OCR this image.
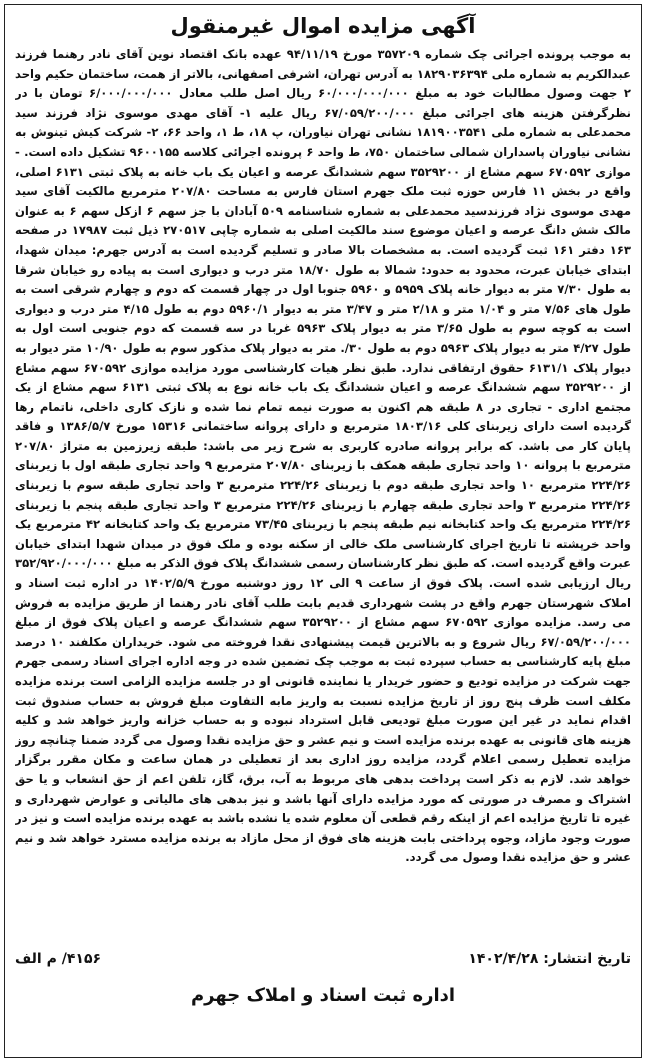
آگهی مزایده اموال غیرمنقول
به موجب پرونده اجرائی چک شماره ۳۵۷۲۰۹ مورخ ۹۴/۱۱/۱۹ عهده بانک اقتصاد نوین آقای نادر رهنما فرزند عبدالکریم به شماره ملی ۱۸۲۹۰۳۶۳۹۴ به آدرس تهران، اشرفی اصفهانی، بالاتر از همت، ساختمان حکیم واحد ۲ جهت وصول مطالبات خود به مبلغ ۶۰/۰۰۰/۰۰۰/۰۰۰ ریال اصل طلب معادل ۶/۰۰۰/۰۰۰/۰۰۰ تومان با در نظرگرفتن هزینه های اجرائی مبلغ ۶۷/۰۵۹/۲۰۰/۰۰۰ ریال علیه ۱- آقای مهدی موسوی نژاد فرزند سید محمدعلی به شماره ملی ۱۸۱۹۰۰۳۵۴۱ نشانی تهران نیاوران، پ ۱۸، ط ۱، واحد ۶۶، ۲- شرکت کیش تینوش به نشانی نیاوران پاسداران شمالی ساختمان ۷۵۰، ط واحد ۶ پرونده اجرائی کلاسه ۹۶۰۰۱۵۵ تشکیل داده است. - موازی ۶۷۰۵۹۲ سهم مشاع از ۳۵۲۹۲۰۰ سهم ششدانگ عرصه و اعیان یک باب خانه به پلاک ثبتی ۶۱۳۱ اصلی، واقع در بخش ۱۱ فارس حوزه ثبت ملک جهرم استان فارس به مساحت ۲۰۷/۸۰ مترمربع مالکیت آقای سید مهدی موسوی نژاد فرزندسید محمدعلی به شماره شناسنامه ۵۰۹ آبادان با جز سهم ۶ ازکل سهم ۶ به عنوان مالک شش دانگ عرصه و اعیان موضوع سند مالکیت اصلی به شماره چاپی ۲۷۰۵۱۷ ذیل ثبت ۱۷۹۸۷ در صفحه ۱۶۳ دفتر ۱۶۱ ثبت گردیده است. به مشخصات بالا صادر و تسلیم گردیده است به آدرس جهرم: میدان شهدا، ابتدای خیابان عبرت، محدود به حدود: شمالا به طول ۱۸/۷۰ متر درب و دیواری است به پیاده رو خیابان شرقا به طول ۷/۳۰ متر به دیوار خانه پلاک ۵۹۵۹ و ۵۹۶۰ جنوبا اول در چهار قسمت که دوم و چهارم شرقی است به طول های ۷/۵۶ متر و ۱/۰۴ متر و ۲/۱۸ متر و ۳/۴۷ متر به دیوار ۵۹۶۰/۱ دوم به طول ۴/۱۵ متر درب و دیواری است به کوچه سوم به طول ۳/۶۵ متر به دیوار پلاک ۵۹۶۳ غربا در سه قسمت که دوم جنوبی است اول به طول ۴/۲۷ متر به دیوار پلاک ۵۹۶۳ دوم به طول ۳۰/. متر به دیوار پلاک مذکور سوم به طول ۱۰/۹۰ متر دیوار به دیوار پلاک ۶۱۳۱/۱ حقوق ارتفاقی ندارد. طبق نظر هیات کارشناسی مورد مزایده موازی ۶۷۰۵۹۲ سهم مشاع از ۳۵۲۹۲۰۰ سهم ششدانگ عرصه و اعیان ششدانگ یک باب خانه نوع به پلاک ثبتی ۶۱۳۱ سهم مشاع از یک مجتمع اداری - تجاری در ۸ طبقه هم اکنون به صورت نیمه تمام نما شده و نازک کاری داخلی، ناتمام رها گردیده است دارای زیربنای کلی ۱۸۰۳/۱۶ مترمربع و دارای پروانه ساختمانی ۱۵۳۱۶ مورخ ۱۳۸۶/۵/۷ و فاقد پایان کار می باشد. که برابر پروانه صادره کاربری به شرح زیر می باشد: طبقه زیرزمین به متراژ ۲۰۷/۸۰ مترمربع با پروانه ۱۰ واحد تجاری طبقه همکف با زیربنای ۲۰۷/۸۰ مترمربع ۹ واحد تجاری طبقه اول با زیربنای ۲۲۴/۲۶ مترمربع ۱۰ واحد تجاری طبقه دوم با زیربنای ۲۲۴/۲۶ مترمربع ۳ واحد تجاری طبقه سوم با زیربنای ۲۲۴/۲۶ مترمربع ۳ واحد تجاری طبقه چهارم با زیربنای ۲۲۴/۲۶ مترمربع ۳ واحد تجاری طبقه پنجم با زیربنای ۲۲۴/۲۶ مترمربع یک واحد کتابخانه نیم طبقه پنجم با زیربنای ۷۳/۴۵ مترمربع یک واحد کتابخانه ۴۲ مترمربع یک واحد خرپشته تا تاریخ اجرای کارشناسی ملک خالی از سکنه بوده و ملک فوق در میدان شهدا ابتدای خیابان عبرت واقع گردیده است. که طبق نظر کارشناسان رسمی ششدانگ پلاک فوق الذکر به مبلغ ۳۵۲/۹۲۰/۰۰۰/۰۰۰ ریال ارزیابی شده است. پلاک فوق از ساعت ۹ الی ۱۲ روز دوشنبه مورخ ۱۴۰۲/۵/۹ در اداره ثبت اسناد و املاک شهرستان جهرم واقع در پشت شهرداری قدیم بابت طلب آقای نادر رهنما از طریق مزایده به فروش می رسد. مزایده موازی ۶۷۰۵۹۲ سهم مشاع از ۳۵۲۹۲۰۰ سهم ششدانگ عرصه و اعیان پلاک فوق از مبلغ ۶۷/۰۵۹/۲۰۰/۰۰۰ ریال شروع و به بالاترین قیمت پیشنهادی نقدا فروخته می شود. خریداران مکلفند ۱۰ درصد مبلغ پایه کارشناسی به حساب سپرده ثبت به موجب چک تضمین شده در وجه اداره اجرای اسناد رسمی جهرم جهت شرکت در مزایده تودیع و حضور خریدار یا نماینده قانونی او در جلسه مزایده الزامی است برنده مزایده مکلف است ظرف پنج روز از تاریخ مزایده نسبت به واریز مابه التفاوت مبلغ فروش به حساب صندوق ثبت اقدام نماید در غیر این صورت مبلغ تودیعی قابل استرداد نبوده و به حساب خزانه واریز خواهد شد و کلیه هزینه های قانونی به عهده برنده مزایده است و نیم عشر و حق مزایده نقدا وصول می گردد ضمنا چنانچه روز مزایده تعطیل رسمی اعلام گردد، مزایده روز اداری بعد از تعطیلی در همان ساعت و مکان مقرر برگزار خواهد شد. لازم به ذکر است پرداخت بدهی های مربوط به آب، برق، گاز، تلفن اعم از حق انشعاب و یا حق اشتراک و مصرف در صورتی که مورد مزایده دارای آنها باشد و نیز بدهی های مالیاتی و عوارض شهرداری و غیره تا تاریخ مزایده اعم از اینکه رقم قطعی آن معلوم شده یا نشده باشد به عهده برنده مزایده است و نیز در صورت وجود مازاد، وجوه پرداختی بابت هزینه های فوق از محل مازاد به برنده مزایده مسترد خواهد شد و نیم عشر و حق مزایده نقدا وصول می گردد.
تاریخ انتشار: ۱۴۰۲/۴/۲۸
۴۱۵۶/ م الف
اداره ثبت اسناد و املاک جهرم
